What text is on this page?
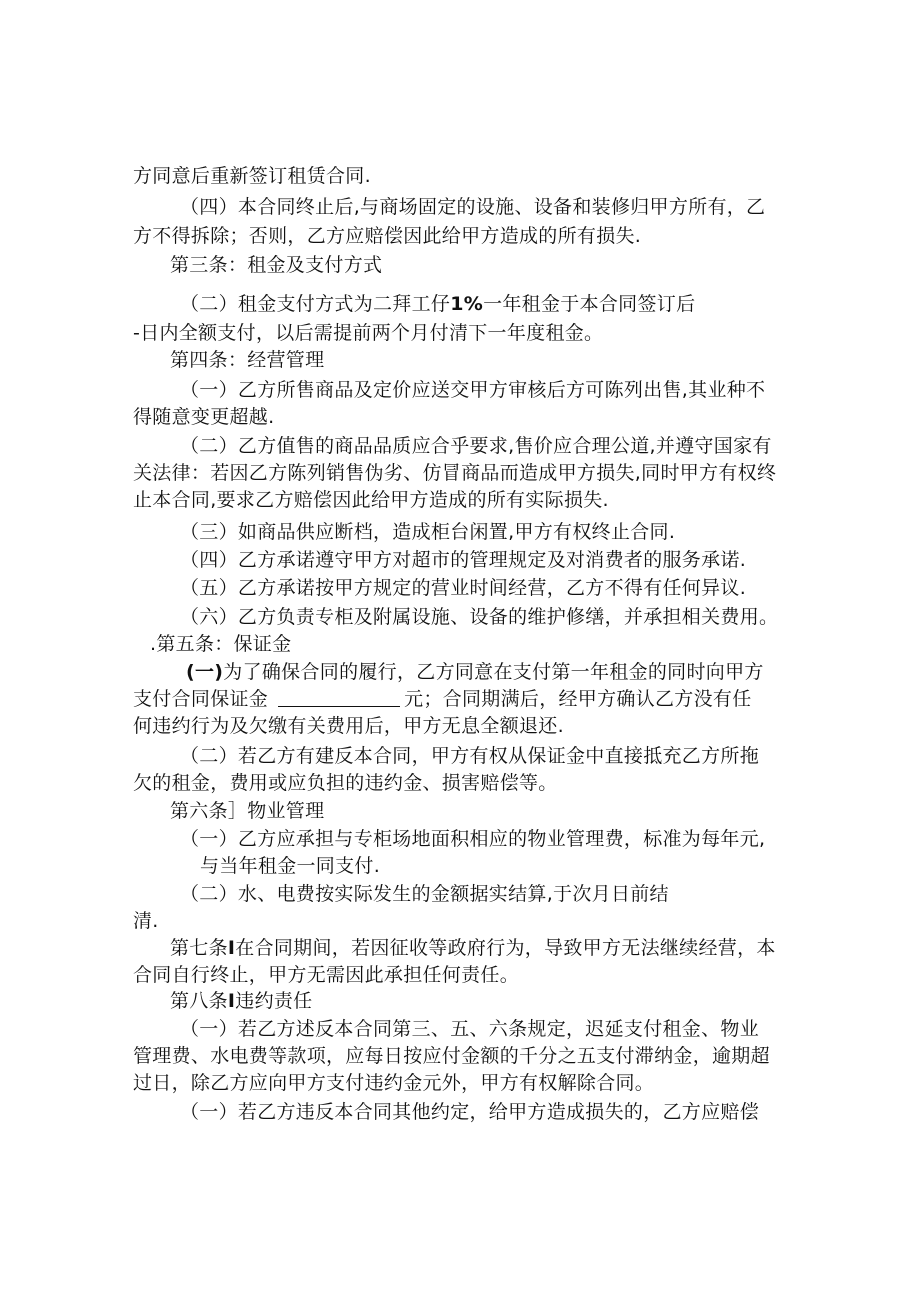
方同意后重新签订租赁合同.
（四）本合同终止后,与商场固定的设施、设备和装修归甲方所有，乙
方不得拆除；否则，乙方应赔偿因此给甲方造成的所有损失.
第三条：租金及支付方式
（二）租金支付方式为二拜工仔1%一年租金于本合同签订后
-日内全额支付，以后需提前两个月付清下一年度租金。
第四条：经营管理
（一）乙方所售商品及定价应送交甲方审核后方可陈列出售,其业种不
得随意变更超越.
（二）乙方值售的商品品质应合乎要求,售价应合理公道,并遵守国家有
关法律：若因乙方陈列销售伪劣、仿冒商品而造成甲方损失,同时甲方有权终
止本合同,要求乙方赔偿因此给甲方造成的所有实际损失.
（三）如商品供应断档，造成柜台闲置,甲方有权终止合同.
（四）乙方承诺遵守甲方对超市的管理规定及对消费者的服务承诺.
（五）乙方承诺按甲方规定的营业时间经营，乙方不得有任何异议.
（六）乙方负责专柜及附属设施、设备的维护修缮，并承担相关费用。
.第五条：保证金
(一)为了确保合同的履行，乙方同意在支付第一年租金的同时向甲方
支付合同保证金	元；合同期满后，经甲方确认乙方没有任
何违约行为及欠缴有关费用后，甲方无息全额退还.
（二）若乙方有建反本合同，甲方有权从保证金中直接抵充乙方所拖
欠的租金，费用或应负担的违约金、损害赔偿等。
第六条］物业管理
（一）乙方应承担与专柜场地面积相应的物业管理费，标准为每年元,
与当年租金一同支付.
（二）水、电费按实际发生的金额据实结算,于次月日前结
清.
第七条I在合同期间，若因征收等政府行为，导致甲方无法继续经营，本
合同自行终止，甲方无需因此承担任何责任。
第八条I违约责任
（一）若乙方述反本合同第三、五、六条规定，迟延支付租金、物业
管理费、水电费等款项，应每日按应付金额的千分之五支付滞纳金，逾期超
过日，除乙方应向甲方支付违约金元外，甲方有权解除合同。
（一）若乙方违反本合同其他约定，给甲方造成损失的，乙方应赔偿
